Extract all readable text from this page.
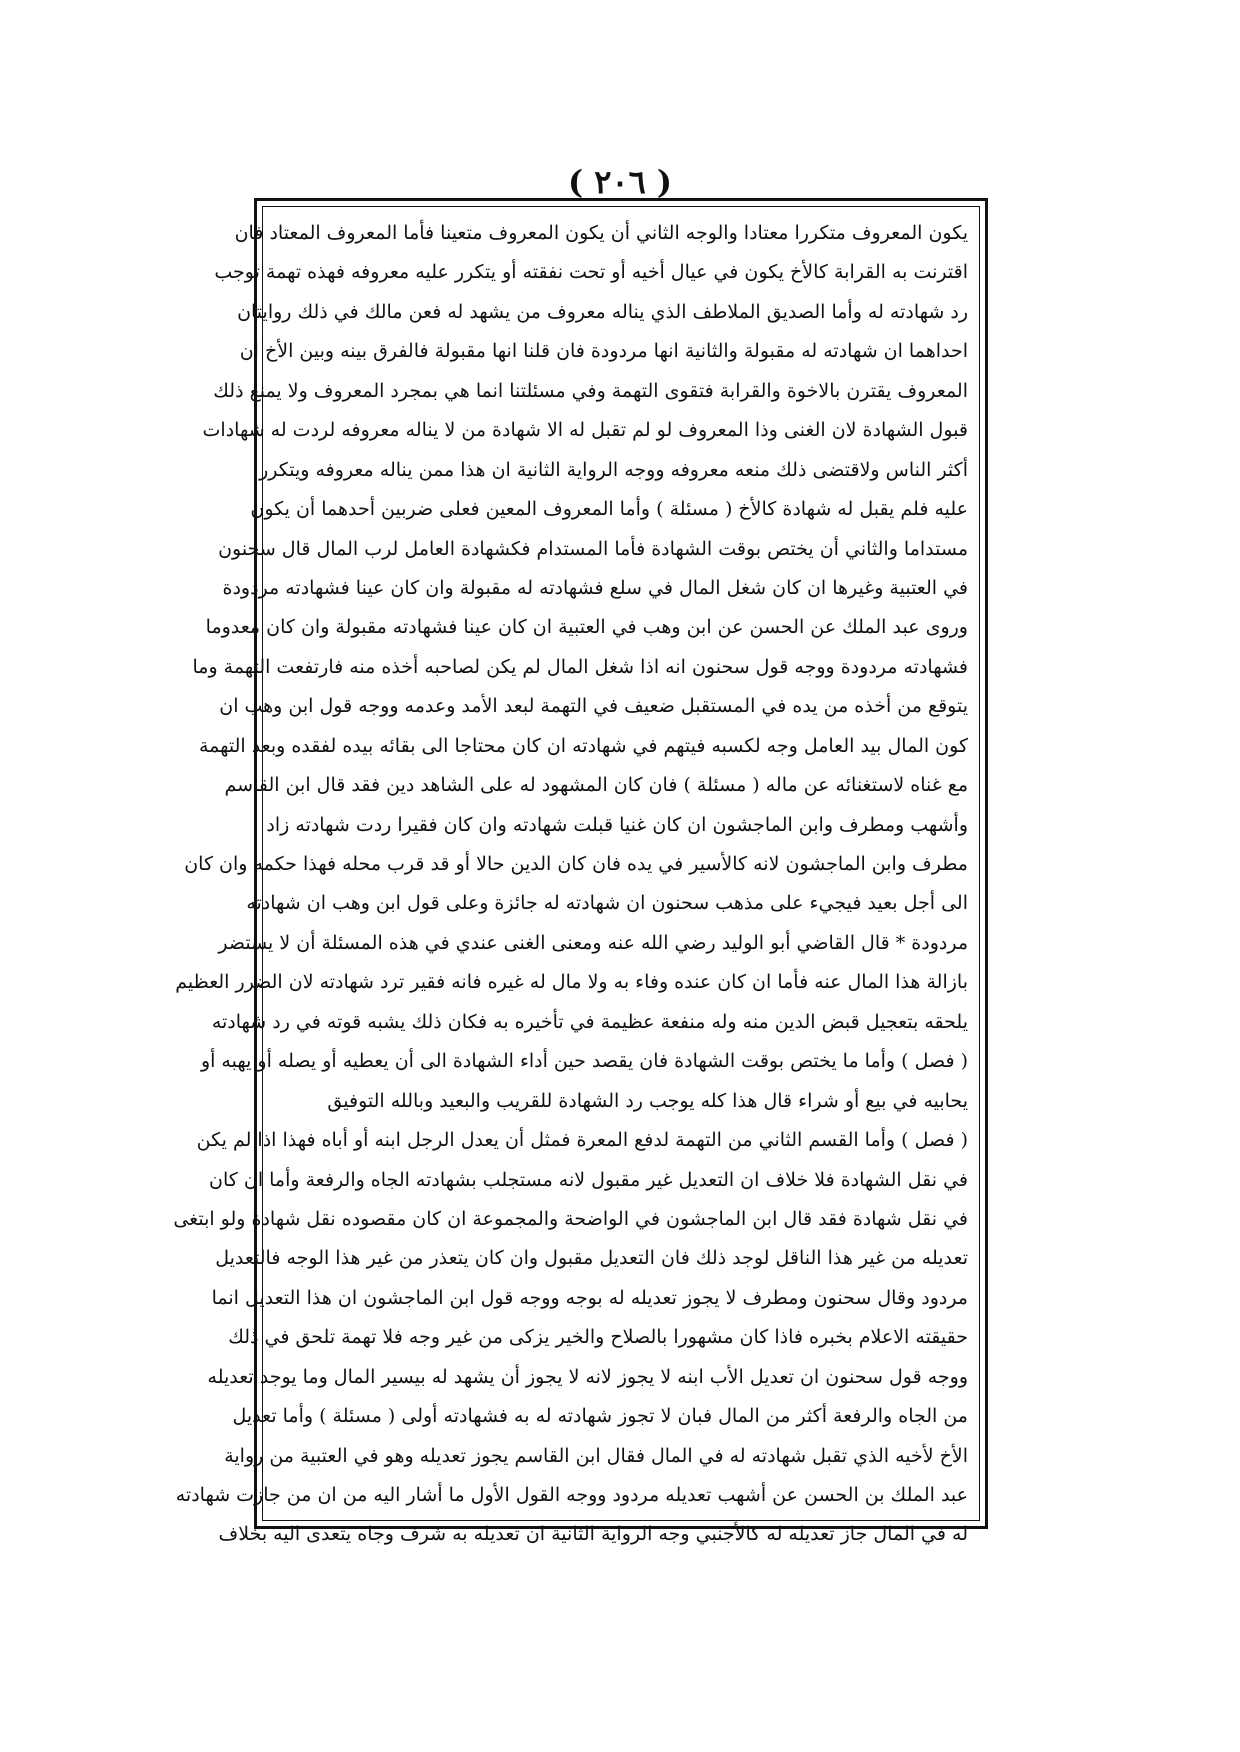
( ٢٠٦ )
يكون المعروف متكررا معتادا والوجه الثاني أن يكون المعروف متعينا فأما المعروف المعتاد فان
اقترنت به القرابة كالأخ يكون في عيال أخيه أو تحت نفقته أو يتكرر عليه معروفه فهذه تهمة توجب
رد شهادته له وأما الصديق الملاطف الذي يناله معروف من يشهد له فعن مالك في ذلك روايتان
احداهما ان شهادته له مقبولة والثانية انها مردودة فان قلنا انها مقبولة فالفرق بينه وبين الأخ ان
المعروف يقترن بالاخوة والقرابة فتقوى التهمة وفي مسئلتنا انما هي بمجرد المعروف ولا يمنع ذلك
قبول الشهادة لان الغنى وذا المعروف لو لم تقبل له الا شهادة من لا يناله معروفه لردت له شهادات
أكثر الناس ولاقتضى ذلك منعه معروفه ووجه الرواية الثانية ان هذا ممن يناله معروفه ويتكرر
عليه فلم يقبل له شهادة كالأخ ( مسئلة ) وأما المعروف المعين فعلى ضربين أحدهما أن يكون
مستداما والثاني أن يختص بوقت الشهادة فأما المستدام فكشهادة العامل لرب المال قال سحنون
في العتبية وغيرها ان كان شغل المال في سلع فشهادته له مقبولة وان كان عينا فشهادته مردودة
وروى عبد الملك عن الحسن عن ابن وهب في العتبية ان كان عينا فشهادته مقبولة وان كان معدوما
فشهادته مردودة ووجه قول سحنون انه اذا شغل المال لم يكن لصاحبه أخذه منه فارتفعت التهمة وما
يتوقع من أخذه من يده في المستقبل ضعيف في التهمة لبعد الأمد وعدمه ووجه قول ابن وهب ان
كون المال بيد العامل وجه لكسبه فيتهم في شهادته ان كان محتاجا الى بقائه بيده لفقده وبعد التهمة
مع غناه لاستغنائه عن ماله ( مسئلة ) فان كان المشهود له على الشاهد دين فقد قال ابن القاسم
وأشهب ومطرف وابن الماجشون ان كان غنيا قبلت شهادته وان كان فقيرا ردت شهادته زاد
مطرف وابن الماجشون لانه كالأسير في يده فان كان الدين حالا أو قد قرب محله فهذا حكمه وان كان
الى أجل بعيد فيجيء على مذهب سحنون ان شهادته له جائزة وعلى قول ابن وهب ان شهادته
مردودة * قال القاضي أبو الوليد رضي الله عنه ومعنى الغنى عندي في هذه المسئلة أن لا يستضر
بازالة هذا المال عنه فأما ان كان عنده وفاء به ولا مال له غيره فانه فقير ترد شهادته لان الضرر العظيم
يلحقه بتعجيل قبض الدين منه وله منفعة عظيمة في تأخيره به فكان ذلك يشبه قوته في رد شهادته
( فصل ) وأما ما يختص بوقت الشهادة فان يقصد حين أداء الشهادة الى أن يعطيه أو يصله أو يهبه أو
يحابيه في بيع أو شراء قال هذا كله يوجب رد الشهادة للقريب والبعيد وبالله التوفيق
( فصل ) وأما القسم الثاني من التهمة لدفع المعرة فمثل أن يعدل الرجل ابنه أو أباه فهذا اذا لم يكن
في نقل الشهادة فلا خلاف ان التعديل غير مقبول لانه مستجلب بشهادته الجاه والرفعة وأما ان كان
في نقل شهادة فقد قال ابن الماجشون في الواضحة والمجموعة ان كان مقصوده نقل شهادة ولو ابتغى
تعديله من غير هذا الناقل لوجد ذلك فان التعديل مقبول وان كان يتعذر من غير هذا الوجه فالتعديل
مردود وقال سحنون ومطرف لا يجوز تعديله له بوجه ووجه قول ابن الماجشون ان هذا التعديل انما
حقيقته الاعلام بخبره فاذا كان مشهورا بالصلاح والخير يزكى من غير وجه فلا تهمة تلحق في ذلك
ووجه قول سحنون ان تعديل الأب ابنه لا يجوز لانه لا يجوز أن يشهد له بيسير المال وما يوجد تعديله
من الجاه والرفعة أكثر من المال فبان لا تجوز شهادته له به فشهادته أولى ( مسئلة ) وأما تعديل
الأخ لأخيه الذي تقبل شهادته له في المال فقال ابن القاسم يجوز تعديله وهو في العتبية من رواية
عبد الملك بن الحسن عن أشهب تعديله مردود ووجه القول الأول ما أشار اليه من ان من جازت شهادته
له في المال جاز تعديله له كالأجنبي وجه الرواية الثانية ان تعديله به شرف وجاه يتعدى اليه بخلاف
